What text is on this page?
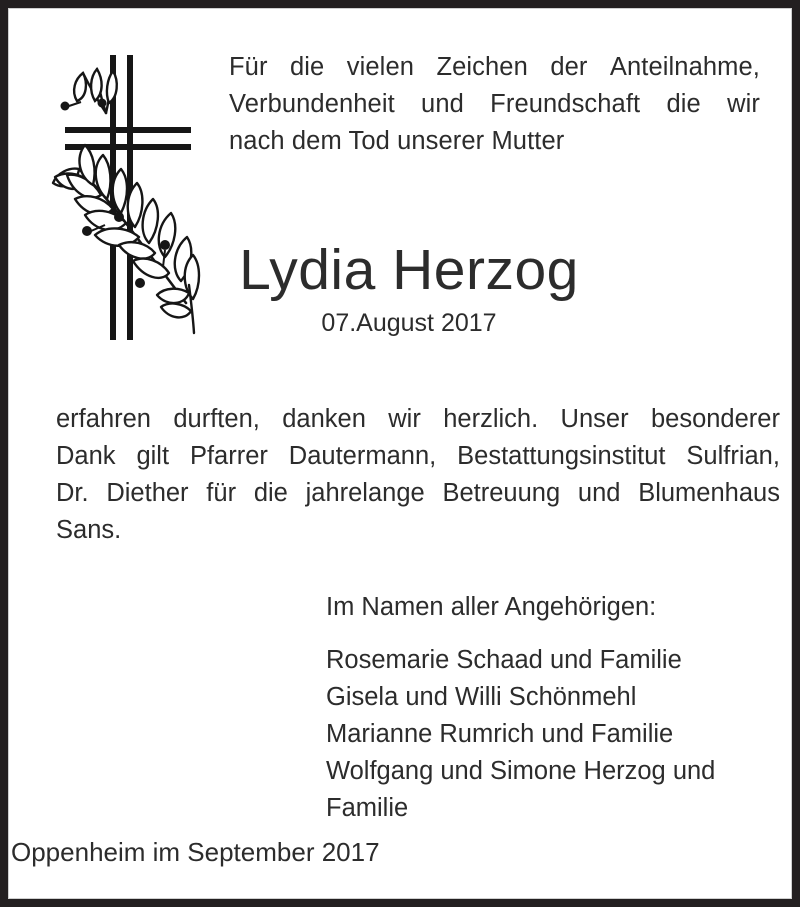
Für die vielen Zeichen der Anteilnahme,
Verbundenheit und Freundschaft die wir
nach dem Tod unserer Mutter
Lydia Herzog
07.August 2017
erfahren durften, danken wir herzlich. Unser besonderer
Dank gilt Pfarrer Dautermann, Bestattungsinstitut Sulfrian,
Dr. Diether für die jahrelange Betreuung und Blumenhaus
Sans.
Im Namen aller Angehörigen:
Rosemarie Schaad und Familie
Gisela und Willi Schönmehl
Marianne Rumrich und Familie
Wolfgang und Simone Herzog und
Familie
Oppenheim im September 2017
